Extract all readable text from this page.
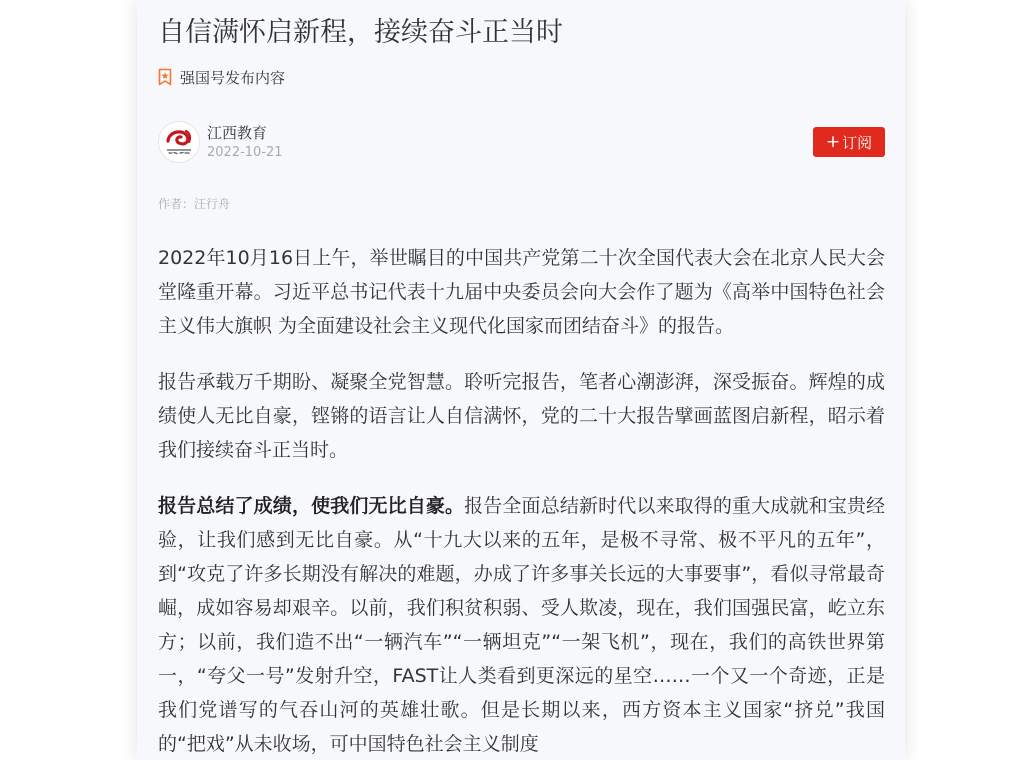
自信满怀启新程，接续奋斗正当时
强国号发布内容
江西教育
2022-10-21
+ 订阅
作者：汪行舟

2022年10月16日上午，举世瞩目的中国共产党第二十次全国代表大会在北京人民大会堂隆重开幕。习近平总书记代表十九届中央委员会向大会作了题为《高举中国特色社会主义伟大旗帜 为全面建设社会主义现代化国家而团结奋斗》的报告。

报告承载万千期盼、凝聚全党智慧。聆听完报告，笔者心潮澎湃，深受振奋。辉煌的成绩使人无比自豪，铿锵的语言让人自信满怀，党的二十大报告擘画蓝图启新程，昭示着我们接续奋斗正当时。

报告总结了成绩，使我们无比自豪。报告全面总结新时代以来取得的重大成就和宝贵经验，让我们感到无比自豪。从“十九大以来的五年，是极不寻常、极不平凡的五年”，到“攻克了许多长期没有解决的难题，办成了许多事关长远的大事要事”，看似寻常最奇崛，成如容易却艰辛。以前，我们积贫积弱、受人欺凌，现在，我们国强民富，屹立东方；以前，我们造不出“一辆汽车”“一辆坦克”“一架飞机”，现在，我们的高铁世界第一，“夸父一号”发射升空，FAST让人类看到更深远的星空……一个又一个奇迹，正是我们党谱写的气吞山河的英雄壮歌。但是长期以来，西方资本主义国家“挤兑”我国的“把戏”从未收场，可中国特色社会主义制度
